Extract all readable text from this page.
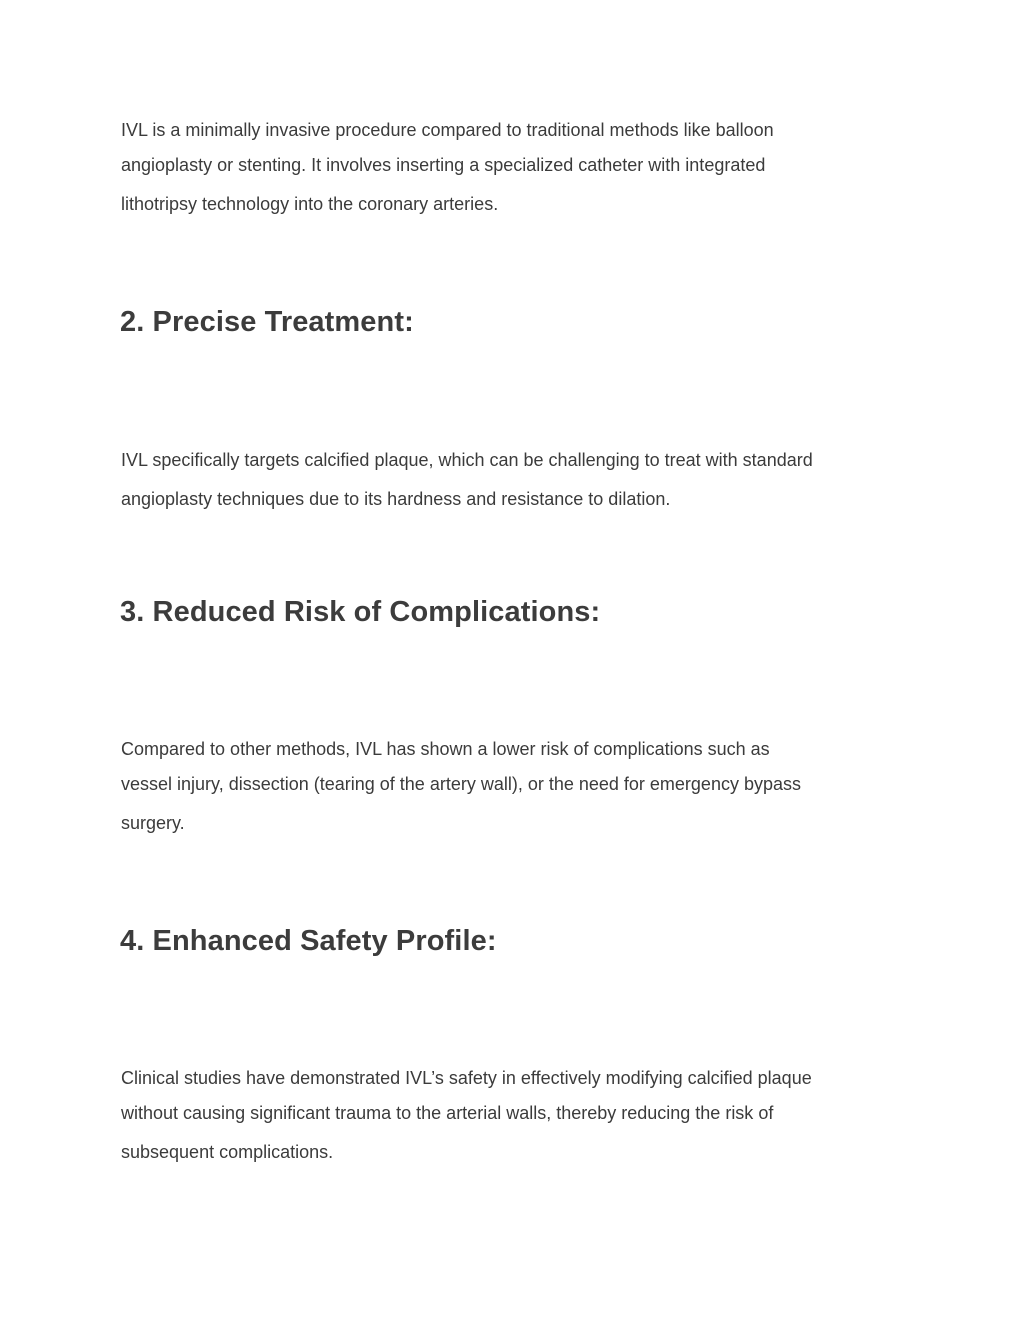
IVL is a minimally invasive procedure compared to traditional methods like balloon
angioplasty or stenting. It involves inserting a specialized catheter with integrated
lithotripsy technology into the coronary arteries.
2. Precise Treatment:
IVL specifically targets calcified plaque, which can be challenging to treat with standard
angioplasty techniques due to its hardness and resistance to dilation.
3. Reduced Risk of Complications:
Compared to other methods, IVL has shown a lower risk of complications such as
vessel injury, dissection (tearing of the artery wall), or the need for emergency bypass
surgery.
4. Enhanced Safety Profile:
Clinical studies have demonstrated IVL’s safety in effectively modifying calcified plaque
without causing significant trauma to the arterial walls, thereby reducing the risk of
subsequent complications.
